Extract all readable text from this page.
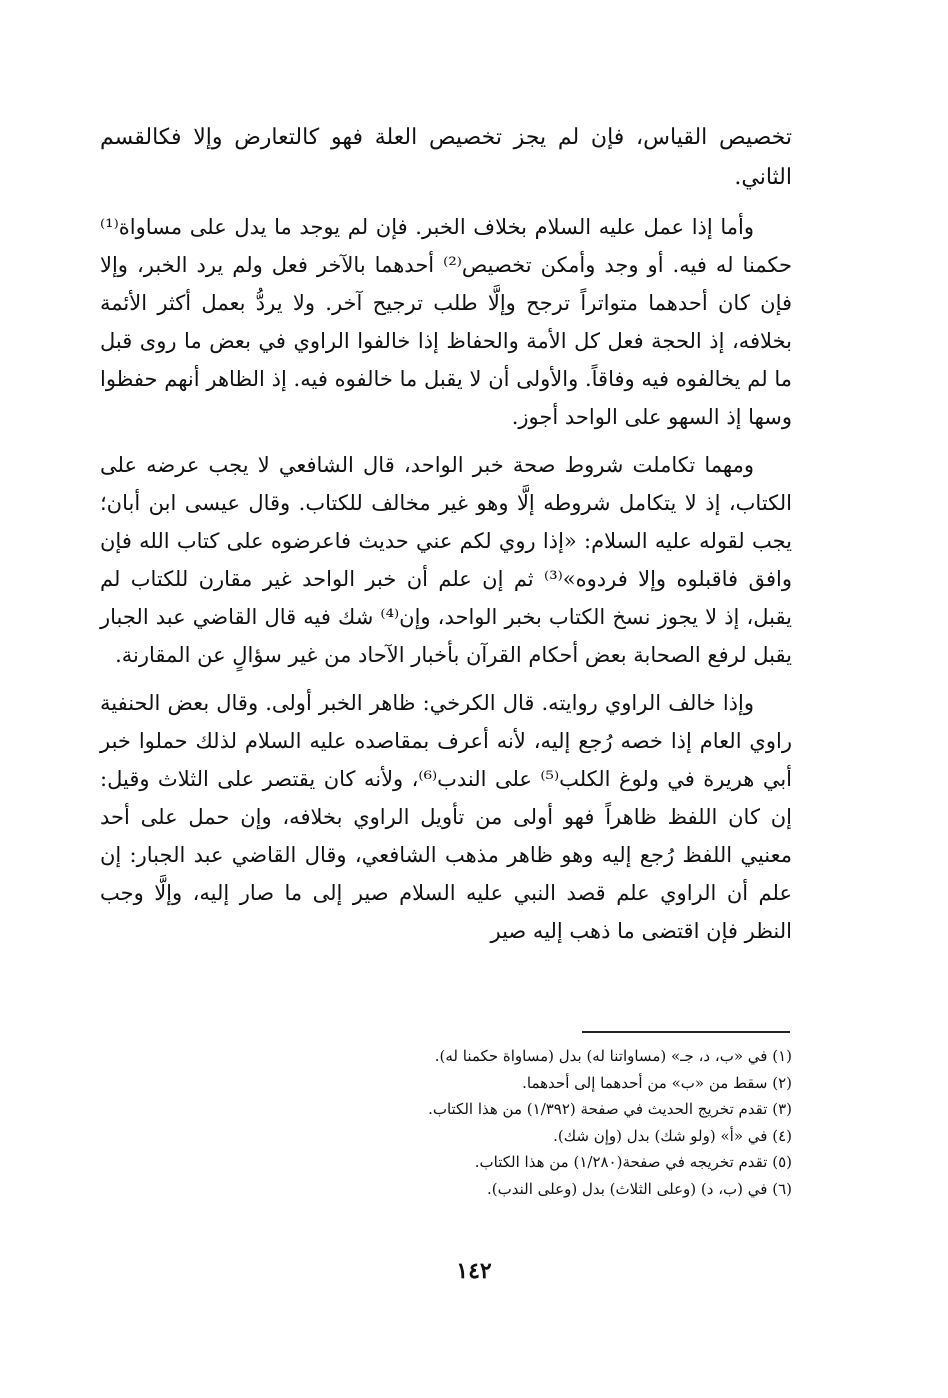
تخصيص القياس، فإن لم يجز تخصيص العلة فهو كالتعارض وإلا فكالقسم الثاني.

وأما إذا عمل عليه السلام بخلاف الخبر. فإن لم يوجد ما يدل على مساواة⁽¹⁾ حكمنا له فيه. أو وجد وأمكن تخصيص⁽²⁾ أحدهما بالآخر فعل ولم يرد الخبر، وإلا فإن كان أحدهما متواتراً ترجح وإلَّا طلب ترجيح آخر. ولا يردُّ بعمل أكثر الأئمة بخلافه، إذ الحجة فعل كل الأمة والحفاظ إذا خالفوا الراوي في بعض ما روى قبل ما لم يخالفوه فيه وفاقاً. والأولى أن لا يقبل ما خالفوه فيه. إذ الظاهر أنهم حفظوا وسها إذ السهو على الواحد أجوز.

ومهما تكاملت شروط صحة خبر الواحد، قال الشافعي لا يجب عرضه على الكتاب، إذ لا يتكامل شروطه إلَّا وهو غير مخالف للكتاب. وقال عيسى ابن أبان؛ يجب لقوله عليه السلام: «إذا روي لكم عني حديث فاعرضوه على كتاب الله فإن وافق فاقبلوه وإلا فردوه»⁽³⁾ ثم إن علم أن خبر الواحد غير مقارن للكتاب لم يقبل، إذ لا يجوز نسخ الكتاب بخبر الواحد، وإن⁽⁴⁾ شك فيه قال القاضي عبد الجبار يقبل لرفع الصحابة بعض أحكام القرآن بأخبار الآحاد من غير سؤالٍ عن المقارنة.

وإذا خالف الراوي روايته. قال الكرخي: ظاهر الخبر أولى. وقال بعض الحنفية راوي العام إذا خصه رُجع إليه، لأنه أعرف بمقاصده عليه السلام لذلك حملوا خبر أبي هريرة في ولوغ الكلب⁽⁵⁾ على الندب⁽⁶⁾، ولأنه كان يقتصر على الثلاث وقيل: إن كان اللفظ ظاهراً فهو أولى من تأويل الراوي بخلافه، وإن حمل على أحد معنيي اللفظ رُجع إليه وهو ظاهر مذهب الشافعي، وقال القاضي عبد الجبار: إن علم أن الراوي علم قصد النبي عليه السلام صير إلى ما صار إليه، وإلَّا وجب النظر فإن اقتضى ما ذهب إليه صير

(١) في «ب، د، جـ» (مساواتنا له) بدل (مساواة حكمنا له).

(٢) سقط من «ب» من أحدهما إلى أحدهما.

(٣) تقدم تخريج الحديث في صفحة (١/٣٩٢) من هذا الكتاب.

(٤) في «أ» (ولو شك) بدل (وإن شك).

(٥) تقدم تخريجه في صفحة(١/٢٨٠) من هذا الكتاب.

(٦) في (ب، د) (وعلى الثلاث) بدل (وعلى الندب).

١٤٢
